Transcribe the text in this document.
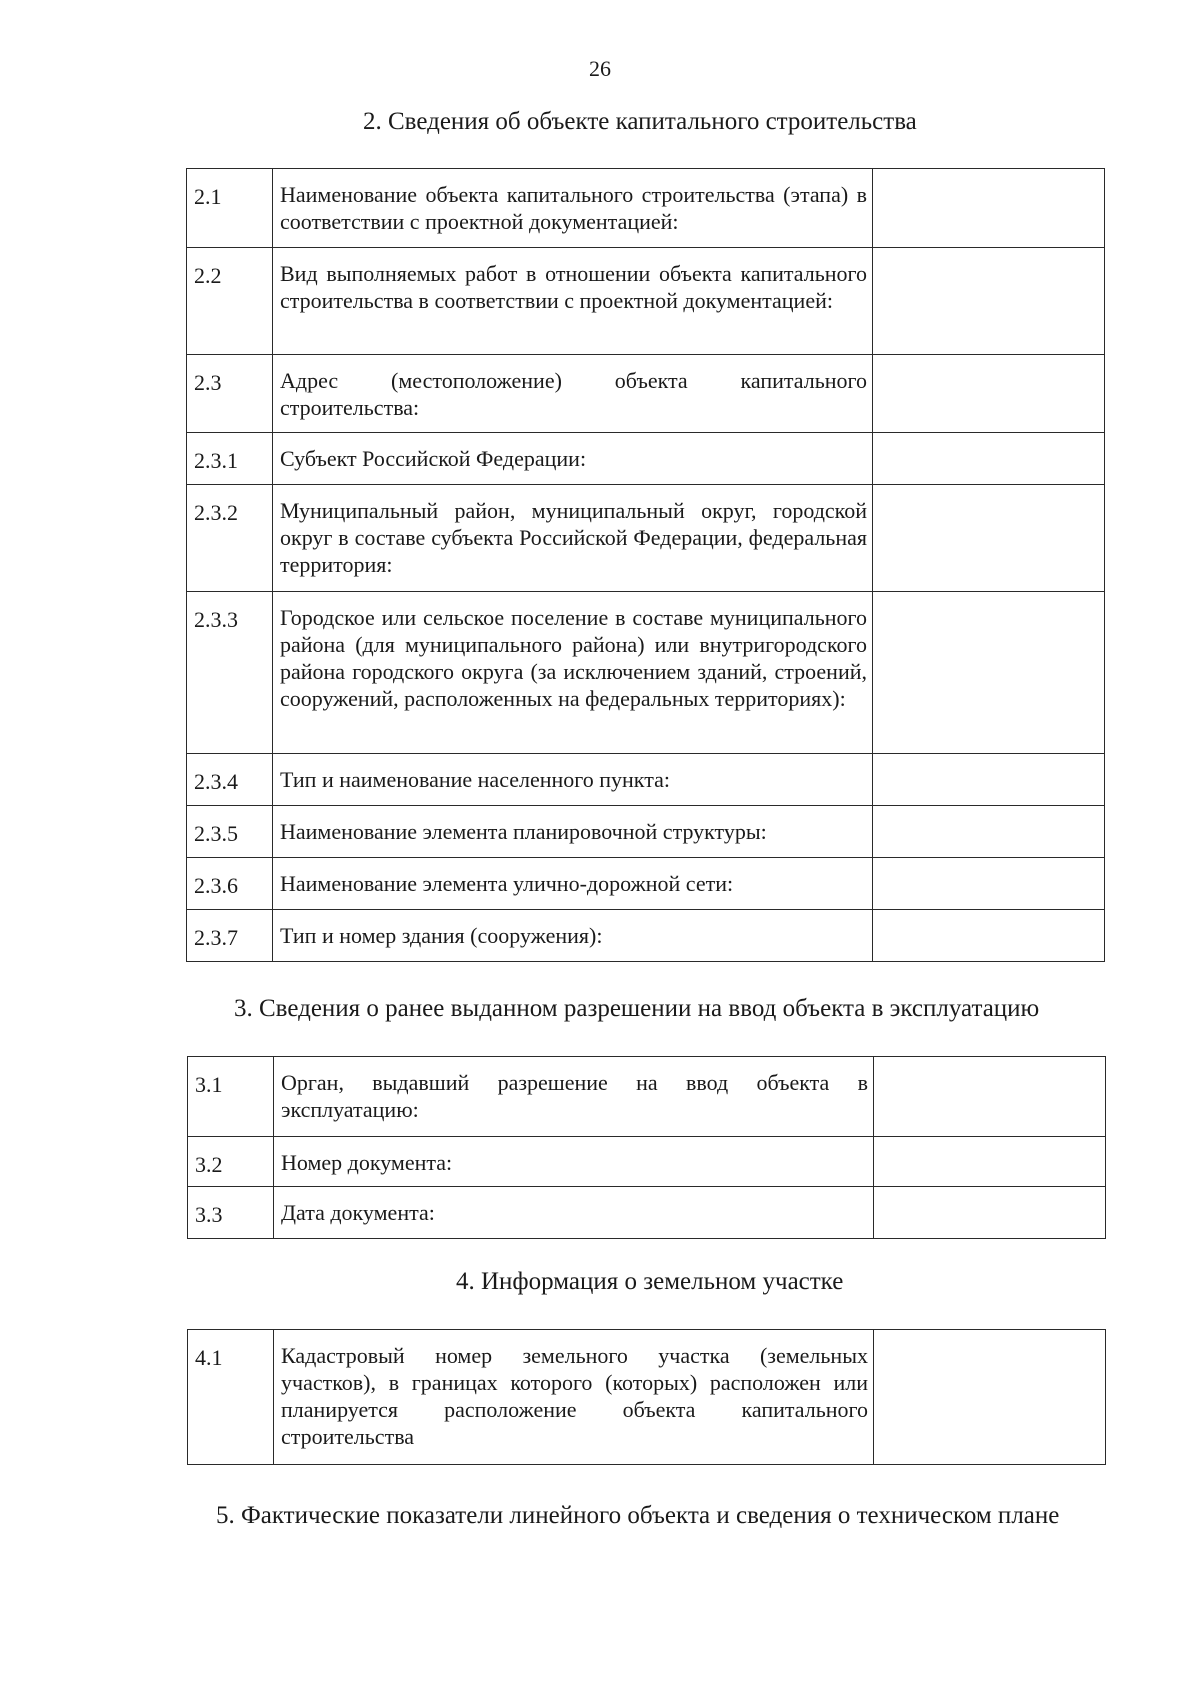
26
2. Сведения об объекте капитального строительства
2.1	Наименование объекта капитального строительства (этапа) в соответствии с проектной документацией:	
2.2	Вид выполняемых работ в отношении объекта капитального строительства в соответствии с проектной документацией:	
2.3	Адрес (местоположение) объекта капитального строительства:	
2.3.1	Субъект Российской Федерации:	
2.3.2	Муниципальный район, муниципальный округ, городской округ в составе субъекта Российской Федерации, федеральная территория:	
2.3.3	Городское или сельское поселение в составе муниципального района (для муниципального района) или внутригородского района городского округа (за исключением зданий, строений, сооружений, расположенных на федеральных территориях):	
2.3.4	Тип и наименование населенного пункта:	
2.3.5	Наименование элемента планировочной структуры:	
2.3.6	Наименование элемента улично-дорожной сети:	
2.3.7	Тип и номер здания (сооружения):	
3. Сведения о ранее выданном разрешении на ввод объекта в эксплуатацию
3.1	Орган, выдавший разрешение на ввод объекта в эксплуатацию:	
3.2	Номер документа:	
3.3	Дата документа:	
4. Информация о земельном участке
4.1	Кадастровый номер земельного участка (земельных участков), в границах которого (которых) расположен или планируется расположение объекта капитального строительства	
5. Фактические показатели линейного объекта и сведения о техническом плане
